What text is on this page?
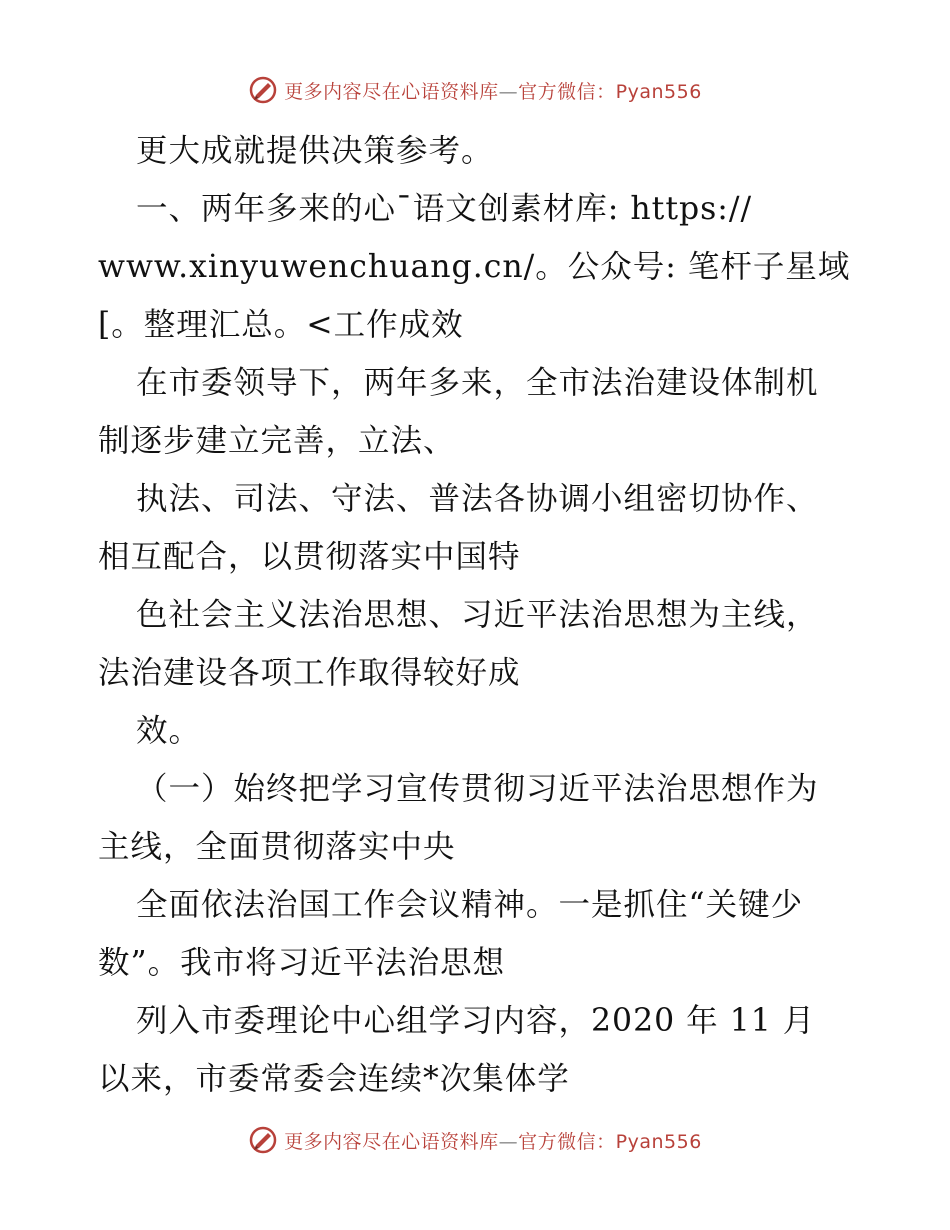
更多内容尽在心语资料库—官方微信：Pyan556
更大成就提供决策参考。
一、两年多来的心¯语文创素材库: https://
www.xinyuwenchuang.cn/。公众号: 笔杆子星域
[。整理汇总。<工作成效
在市委领导下，两年多来，全市法治建设体制机
制逐步建立完善，立法、
执法、司法、守法、普法各协调小组密切协作、
相互配合，以贯彻落实中国特
色社会主义法治思想、习近平法治思想为主线，
法治建设各项工作取得较好成
效。
（一）始终把学习宣传贯彻习近平法治思想作为
主线，全面贯彻落实中央
全面依法治国工作会议精神。一是抓住“关键少
数”。我市将习近平法治思想
列入市委理论中心组学习内容，2020 年 11 月
以来，市委常委会连续*次集体学
更多内容尽在心语资料库—官方微信：Pyan556
